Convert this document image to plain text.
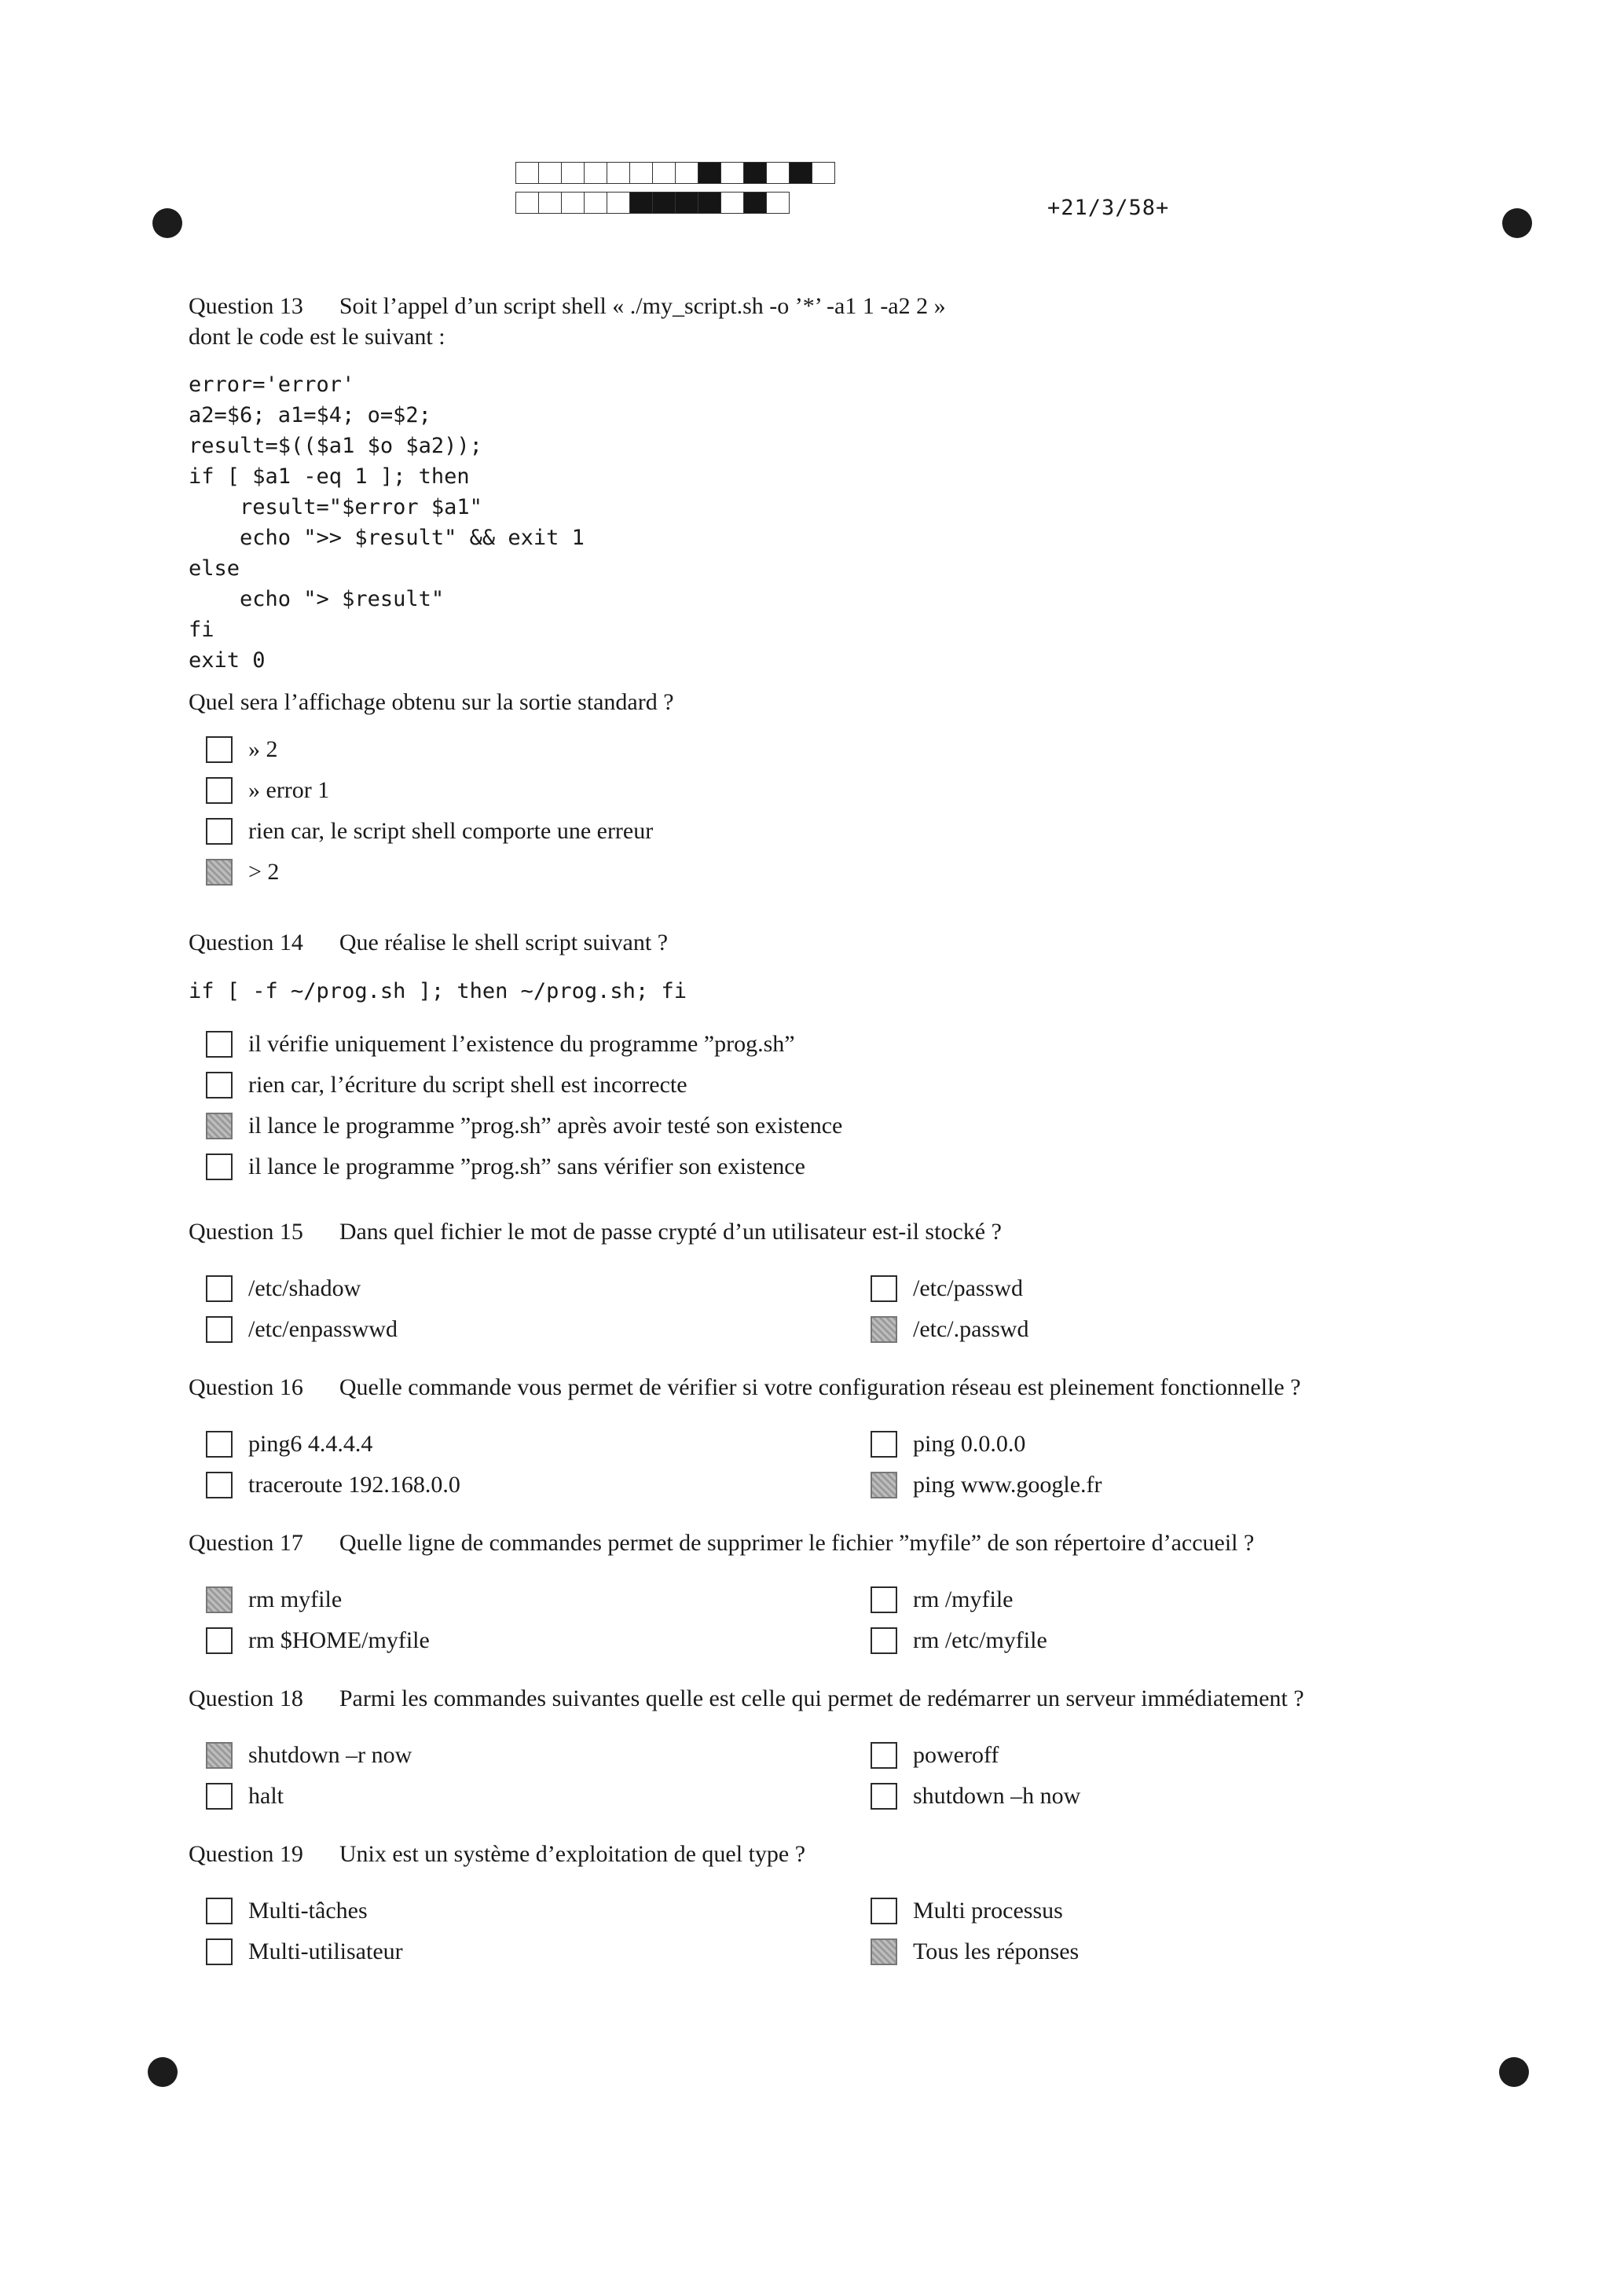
+21/3/58+
Question 13 Soit l’appel d’un script shell « ./my_script.sh -o ’*’ -a1 1 -a2 2 »
dont le code est le suivant :
error='error'
a2=$6; a1=$4; o=$2;
result=$(($a1 $o $a2));
if [ $a1 -eq 1 ]; then
result="$error $a1"
echo ">> $result" && exit 1
else
echo "> $result"
fi
exit 0
Quel sera l’affichage obtenu sur la sortie standard ?
» 2
» error 1
rien car, le script shell comporte une erreur
> 2
Question 14 Que réalise le shell script suivant ?
if [ -f ~/prog.sh ]; then ~/prog.sh; fi
il vérifie uniquement l’existence du programme ”prog.sh”
rien car, l’écriture du script shell est incorrecte
il lance le programme ”prog.sh” après avoir testé son existence
il lance le programme ”prog.sh” sans vérifier son existence
Question 15 Dans quel fichier le mot de passe crypté d’un utilisateur est-il stocké ?
/etc/shadow	/etc/passwd
/etc/enpasswwd	/etc/.passwd
Question 16 Quelle commande vous permet de vérifier si votre configuration réseau est pleinement fonctionnelle ?
ping6 4.4.4.4	ping 0.0.0.0
traceroute 192.168.0.0	ping www.google.fr
Question 17 Quelle ligne de commandes permet de supprimer le fichier ”myfile” de son répertoire d’accueil ?
rm myfile	rm /myfile
rm $HOME/myfile	rm /etc/myfile
Question 18 Parmi les commandes suivantes quelle est celle qui permet de redémarrer un serveur immédiatement ?
shutdown –r now	poweroff
halt	shutdown –h now
Question 19 Unix est un système d’exploitation de quel type ?
Multi-tâches	Multi processus
Multi-utilisateur	Tous les réponses
